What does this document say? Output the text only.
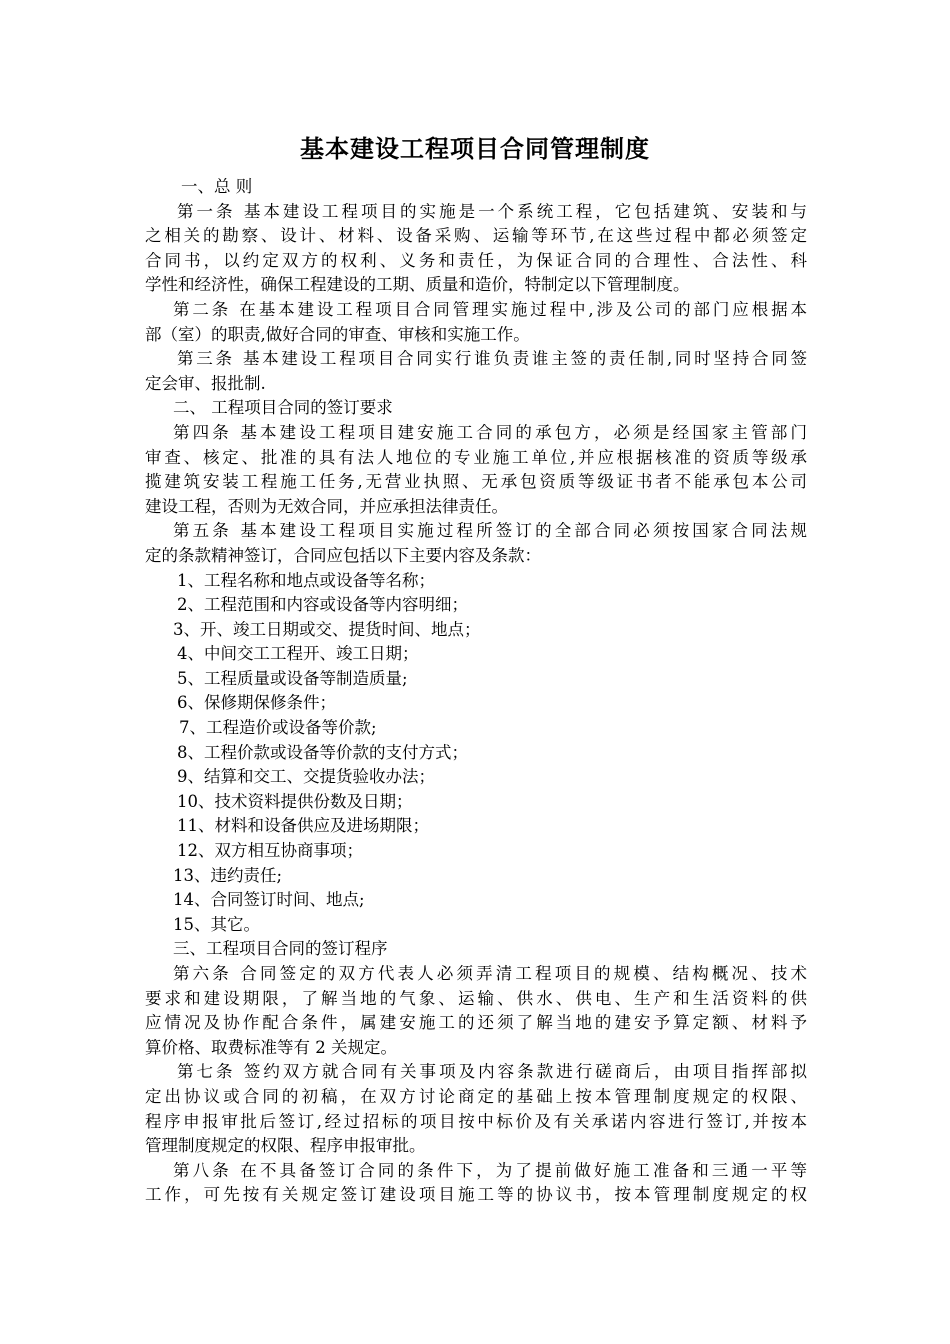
基本建设工程项目合同管理制度
一、总 则
第一条 基本建设工程项目的实施是一个系统工程，它包括建筑、安装和与
之相关的勘察、设计、材料、设备采购、运输等环节,在这些过程中都必须签定
合同书，以约定双方的权利、义务和责任，为保证合同的合理性、合法性、科
学性和经济性，确保工程建设的工期、质量和造价，特制定以下管理制度。
第二条 在基本建设工程项目合同管理实施过程中,涉及公司的部门应根据本
部（室）的职责,做好合同的审查、审核和实施工作。
第三条 基本建设工程项目合同实行谁负责谁主签的责任制,同时坚持合同签
定会审、报批制.
二、 工程项目合同的签订要求
第四条 基本建设工程项目建安施工合同的承包方，必须是经国家主管部门
审查、核定、批准的具有法人地位的专业施工单位,并应根据核准的资质等级承
揽建筑安装工程施工任务,无营业执照、无承包资质等级证书者不能承包本公司
建设工程，否则为无效合同，并应承担法律责任。
第五条 基本建设工程项目实施过程所签订的全部合同必须按国家合同法规
定的条款精神签订，合同应包括以下主要内容及条款：
1、工程名称和地点或设备等名称；
2、工程范围和内容或设备等内容明细；
3、开、竣工日期或交、提货时间、地点；
4、中间交工工程开、竣工日期；
5、工程质量或设备等制造质量;
6、保修期保修条件；
7、工程造价或设备等价款;
8、工程价款或设备等价款的支付方式；
9、结算和交工、交提货验收办法；
10、技术资料提供份数及日期；
11、材料和设备供应及进场期限；
12、双方相互协商事项；
13、违约责任;
14、合同签订时间、地点;
15、其它。
三、工程项目合同的签订程序
第六条 合同签定的双方代表人必须弄清工程项目的规模、结构概况、技术
要求和建设期限，了解当地的气象、运输、供水、供电、生产和生活资料的供
应情况及协作配合条件，属建安施工的还须了解当地的建安予算定额、材料予
算价格、取费标准等有 2 关规定。
第七条 签约双方就合同有关事项及内容条款进行磋商后，由项目指挥部拟
定出协议或合同的初稿，在双方讨论商定的基础上按本管理制度规定的权限、
程序申报审批后签订,经过招标的项目按中标价及有关承诺内容进行签订,并按本
管理制度规定的权限、程序申报审批。
第八条 在不具备签订合同的条件下，为了提前做好施工准备和三通一平等
工作，可先按有关规定签订建设项目施工等的协议书，按本管理制度规定的权
